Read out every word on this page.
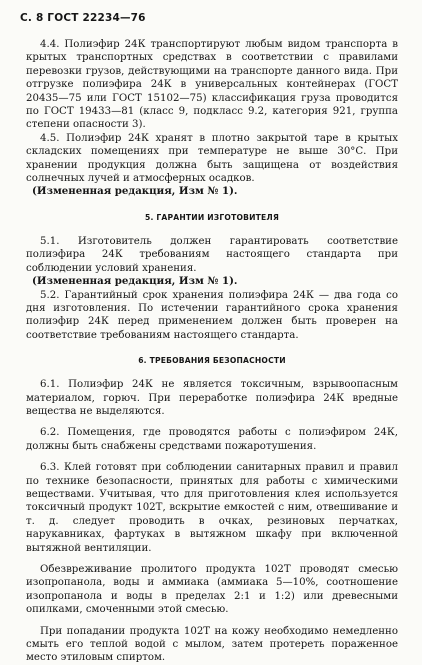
С. 8 ГОСТ 22234—76

4.4. Полиэфир 24К транспортируют любым видом транспорта в крытых транспортных средствах в соответствии с правилами перевозки грузов, действующими на транспорте данного вида. При отгрузке полиэфира 24К в универсальных контейнерах (ГОСТ 20435—75 или ГОСТ 15102—75) классификация груза проводится по ГОСТ 19433—81 (класс 9, подкласс 9.2, категория 921, группа степени опасности 3).

4.5. Полиэфир 24К хранят в плотно закрытой таре в крытых складских помещениях при температуре не выше 30°С. При хранении продукция должна быть защищена от воздействия солнечных лучей и атмосферных осадков.

(Измененная редакция, Изм № 1).

5. ГАРАНТИИ ИЗГОТОВИТЕЛЯ

5.1. Изготовитель должен гарантировать соответствие полиэфира 24К требованиям настоящего стандарта при соблюдении условий хранения.

(Измененная редакция, Изм № 1).

5.2. Гарантийный срок хранения полиэфира 24К — два года со дня изготовления. По истечении гарантийного срока хранения полиэфир 24К перед применением должен быть проверен на соответствие требованиям настоящего стандарта.

6. ТРЕБОВАНИЯ БЕЗОПАСНОСТИ

6.1. Полиэфир 24К не является токсичным, взрывоопасным материалом, горюч. При переработке полиэфира 24К вредные вещества не выделяются.

6.2. Помещения, где проводятся работы с полиэфиром 24К, должны быть снабжены средствами пожаротушения.

6.3. Клей готовят при соблюдении санитарных правил и правил по технике безопасности, принятых для работы с химическими веществами. Учитывая, что для приготовления клея используется токсичный продукт 102Т, вскрытие емкостей с ним, отвешивание и т. д. следует проводить в очках, резиновых перчатках, нарукавниках, фартуках в вытяжном шкафу при включенной вытяжной вентиляции.

Обезвреживание пролитого продукта 102Т проводят смесью изопропанола, воды и аммиака (аммиака 5—10%, соотношение изопропанола и воды в пределах 2:1 и 1:2) или древесными опилками, смоченными этой смесью.

При попадании продукта 102Т на кожу необходимо немедленно смыть его теплой водой с мылом, затем протереть пораженное место этиловым спиртом.
